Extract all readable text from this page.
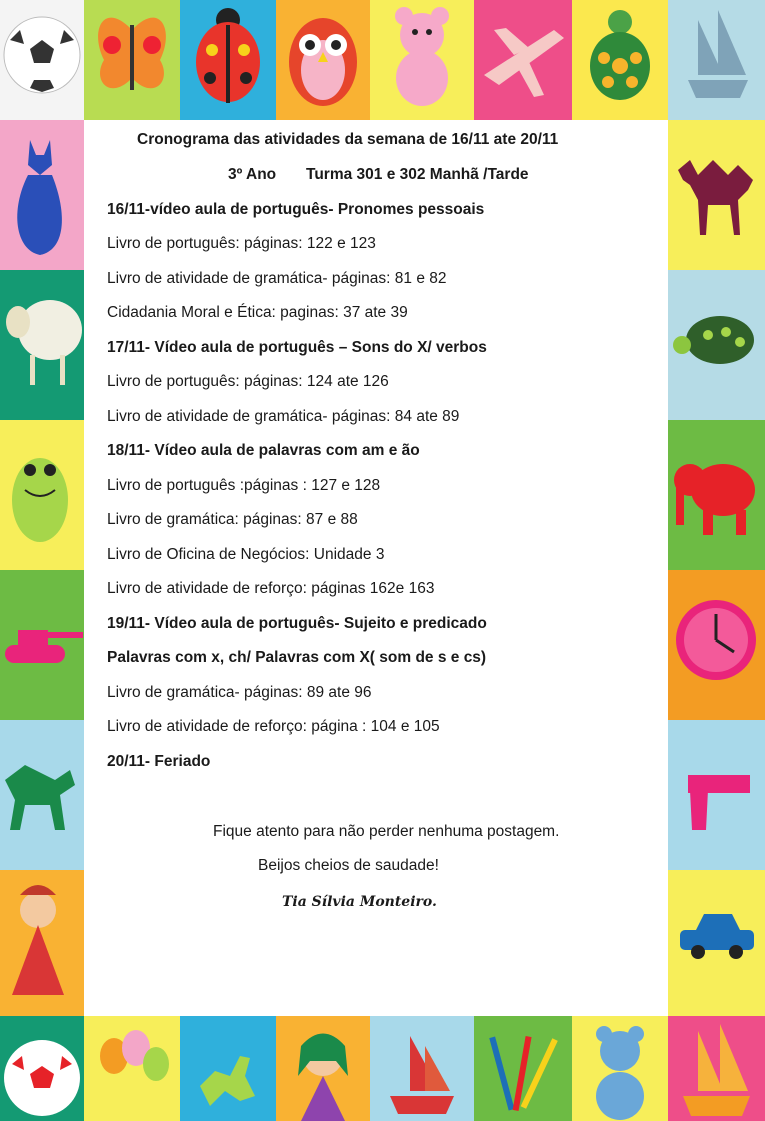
Cronograma das atividades da semana de 16/11 ate 20/11
3º Ano Turma 301 e 302 Manhã /Tarde
16/11-vídeo aula de português- Pronomes pessoais
Livro de português: páginas: 122 e 123
Livro de atividade de gramática- páginas: 81 e 82
Cidadania Moral e Ética: paginas: 37 ate 39
17/11- Vídeo aula de português – Sons do X/ verbos
Livro de português: páginas: 124 ate 126
Livro de atividade de gramática- páginas: 84 ate 89
18/11- Vídeo aula de palavras com am e ão
Livro de português :páginas : 127 e 128
Livro de gramática: páginas: 87 e 88
Livro de Oficina de Negócios: Unidade 3
Livro de atividade de reforço: páginas 162e 163
19/11- Vídeo aula de português- Sujeito e predicado
Palavras com x, ch/ Palavras com X( som de s e cs)
Livro de gramática- páginas: 89 ate 96
Livro de atividade de reforço: página : 104 e 105
20/11- Feriado
Fique atento para não perder nenhuma postagem.
Beijos cheios de saudade!
Tia Sílvia Monteiro.
